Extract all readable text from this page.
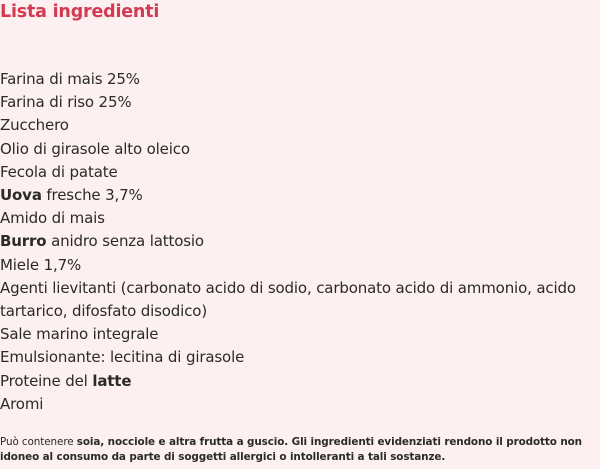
Lista ingredienti
Farina di mais 25%
Farina di riso 25%
Zucchero
Olio di girasole alto oleico
Fecola di patate
Uova fresche 3,7%
Amido di mais
Burro anidro senza lattosio
Miele 1,7%
Agenti lievitanti (carbonato acido di sodio, carbonato acido di ammonio, acido tartarico, difosfato disodico)
Sale marino integrale
Emulsionante: lecitina di girasole
Proteine del latte
Aromi

Può contenere soia, nocciole e altra frutta a guscio. Gli ingredienti evidenziati rendono il prodotto non idoneo al consumo da parte di soggetti allergici o intolleranti a tali sostanze.
